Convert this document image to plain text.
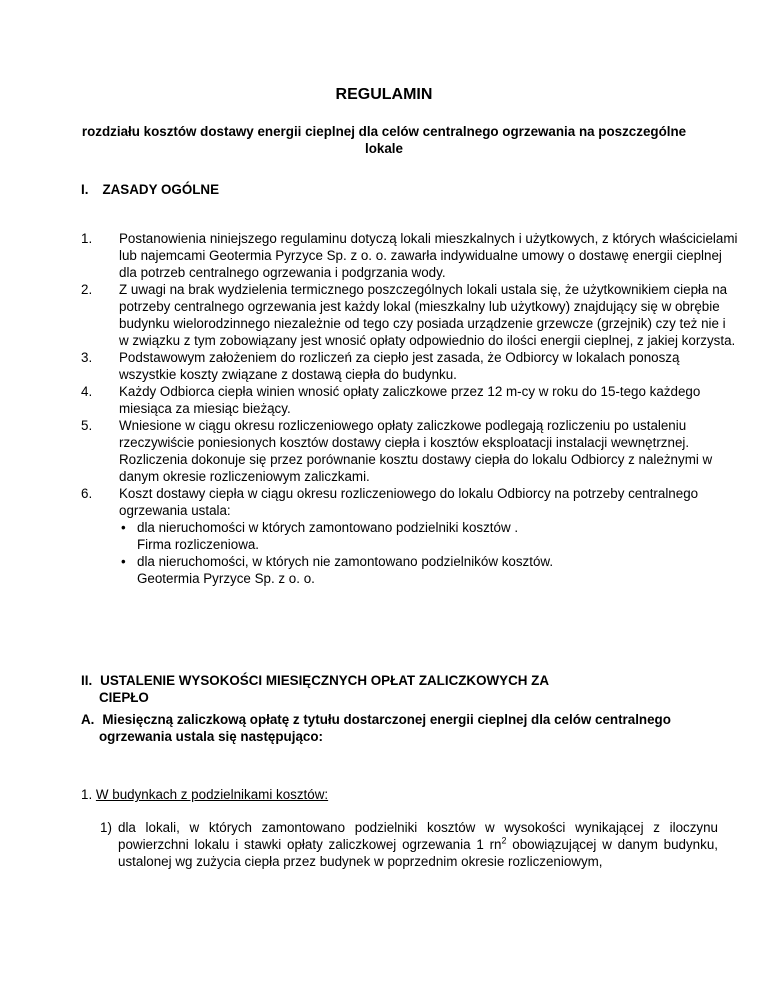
REGULAMIN
rozdziału kosztów dostawy energii cieplnej dla celów centralnego ogrzewania na poszczególne lokale
I. ZASADY OGÓLNE
1.	Postanowienia niniejszego regulaminu dotyczą lokali mieszkalnych i użytkowych, z których właścicielami lub najemcami Geotermia Pyrzyce Sp. z o. o. zawarła indywidualne umowy o dostawę energii cieplnej dla potrzeb centralnego ogrzewania i podgrzania wody.
2.	Z uwagi na brak wydzielenia termicznego poszczególnych lokali ustala się, że użytkownikiem ciepła na potrzeby centralnego ogrzewania jest każdy lokal (mieszkalny lub użytkowy) znajdujący się w obrębie budynku wielorodzinnego niezależnie od tego czy posiada urządzenie grzewcze (grzejnik) czy też nie i w związku z tym zobowiązany jest wnosić opłaty odpowiednio do ilości energii cieplnej, z jakiej korzysta.
3.	Podstawowym założeniem do rozliczeń za ciepło jest zasada, że Odbiorcy w lokalach ponoszą wszystkie koszty związane z dostawą ciepła do budynku.
4.	Każdy Odbiorca ciepła winien wnosić opłaty zaliczkowe przez 12 m-cy w roku do 15-tego każdego miesiąca za miesiąc bieżący.
5.	Wniesione w ciągu okresu rozliczeniowego opłaty zaliczkowe podlegają rozliczeniu po ustaleniu rzeczywiście poniesionych kosztów dostawy ciepła i kosztów eksploatacji instalacji wewnętrznej. Rozliczenia dokonuje się przez porównanie kosztu dostawy ciepła do lokalu Odbiorcy z należnymi w danym okresie rozliczeniowym zaliczkami.
6.	Koszt dostawy ciepła w ciągu okresu rozliczeniowego do lokalu Odbiorcy na potrzeby centralnego ogrzewania ustala:
• dla nieruchomości w których zamontowano podzielniki kosztów .
Firma rozliczeniowa.
• dla nieruchomości, w których nie zamontowano podzielników kosztów.
Geotermia Pyrzyce Sp. z o. o.
II. USTALENIE WYSOKOŚCI MIESIĘCZNYCH OPŁAT ZALICZKOWYCH ZA
CIEPŁO
A. Miesięczną zaliczkową opłatę z tytułu dostarczonej energii cieplnej dla celów centralnego
ogrzewania ustala się następująco:
1. W budynkach z podzielnikami kosztów:
1) dla lokali, w których zamontowano podzielniki kosztów w wysokości wynikającej z iloczynu powierzchni lokalu i stawki opłaty zaliczkowej ogrzewania 1 $rn^2$ obowiązującej w danym budynku, ustalonej wg zużycia ciepła przez budynek w poprzednim okresie rozliczeniowym,
